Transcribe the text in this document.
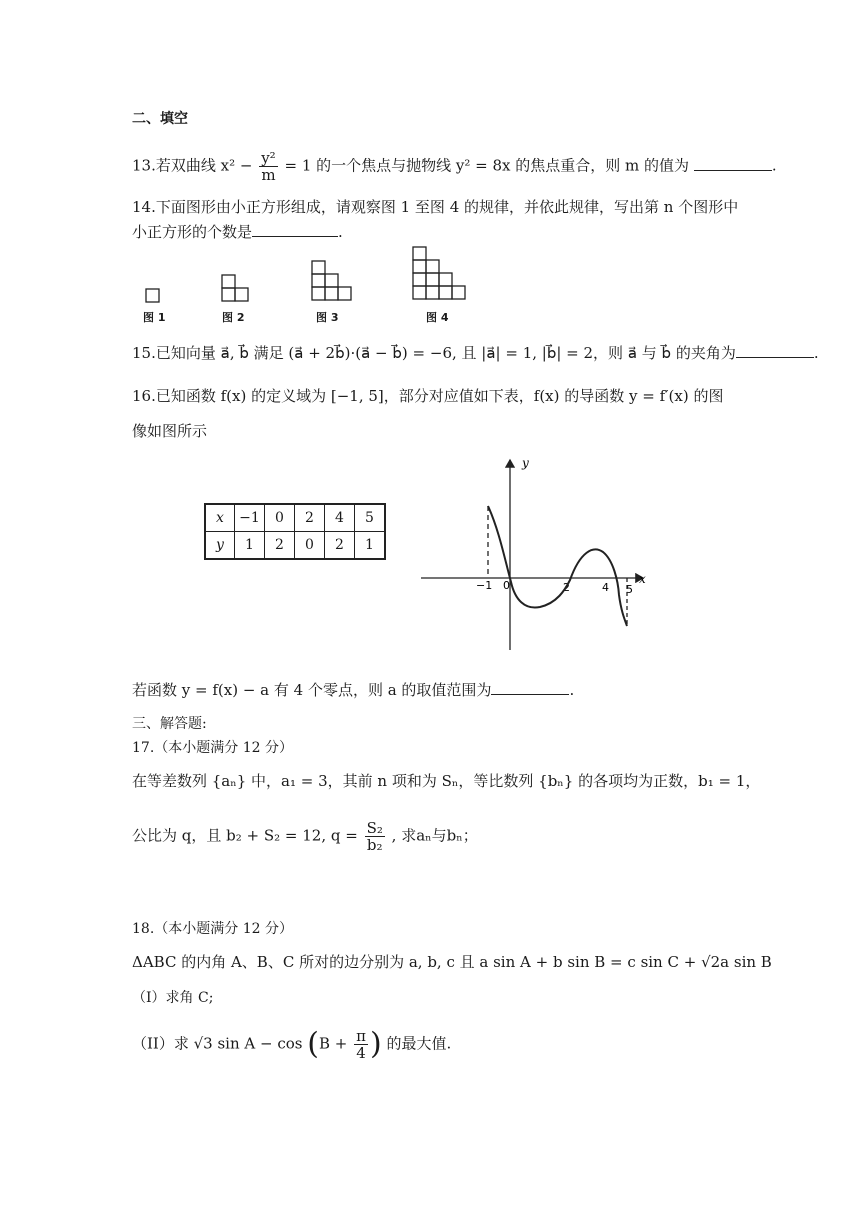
二、填空
13.若双曲线 $x^2 - \frac{\text{y²}}{m} = 1$ 的一个焦点与抛物线 y² = 8x 的焦点重合，则 m 的值为	.
14.下面图形由小正方形组成，请观察图 1 至图 4 的规律，并依此规律，写出第 n 个图形中
小正方形的个数是	.
图 1	图 2	图 3	图 4
15.已知向量 a⃗, b⃗ 满足 (a⃗ + 2b⃗)·(a⃗ − b⃗) = −6, 且 |a⃗| = 1, |b⃗| = 2，则 a⃗ 与 b⃗ 的夹角为	.
16.已知函数 f(x) 的定义域为 [−1, 5]，部分对应值如下表，f(x) 的导函数 y = f′(x) 的图
像如图所示
x	−1	0	2	4	5
y	1	2	0	2	1
y
x
0
−1	2	4 5
若函数 y = f(x) − a 有 4 个零点，则 a 的取值范围为	.
三、解答题:
17.（本小题满分 12 分）
在等差数列 {aₙ} 中，a₁ = 3，其前 n 项和为 Sₙ，等比数列 {bₙ} 的各项均为正数，b₁ = 1，
公比为 q，且 b₂ + S₂ = 12, $q = \frac{\text{S₂}}{\text{b₂}}$ , 求aₙ与bₙ；
18.（本小题满分 12 分）
ΔABC 的内角 A、B、C 所对的边分别为 a, b, c 且 a sin A + b sin B = c sin C + √2a sin B
（I）求角 C;
（II）求 √3 $\sin A - \cos (B + \frac{\pi}{4}$ ) 的最大值.
